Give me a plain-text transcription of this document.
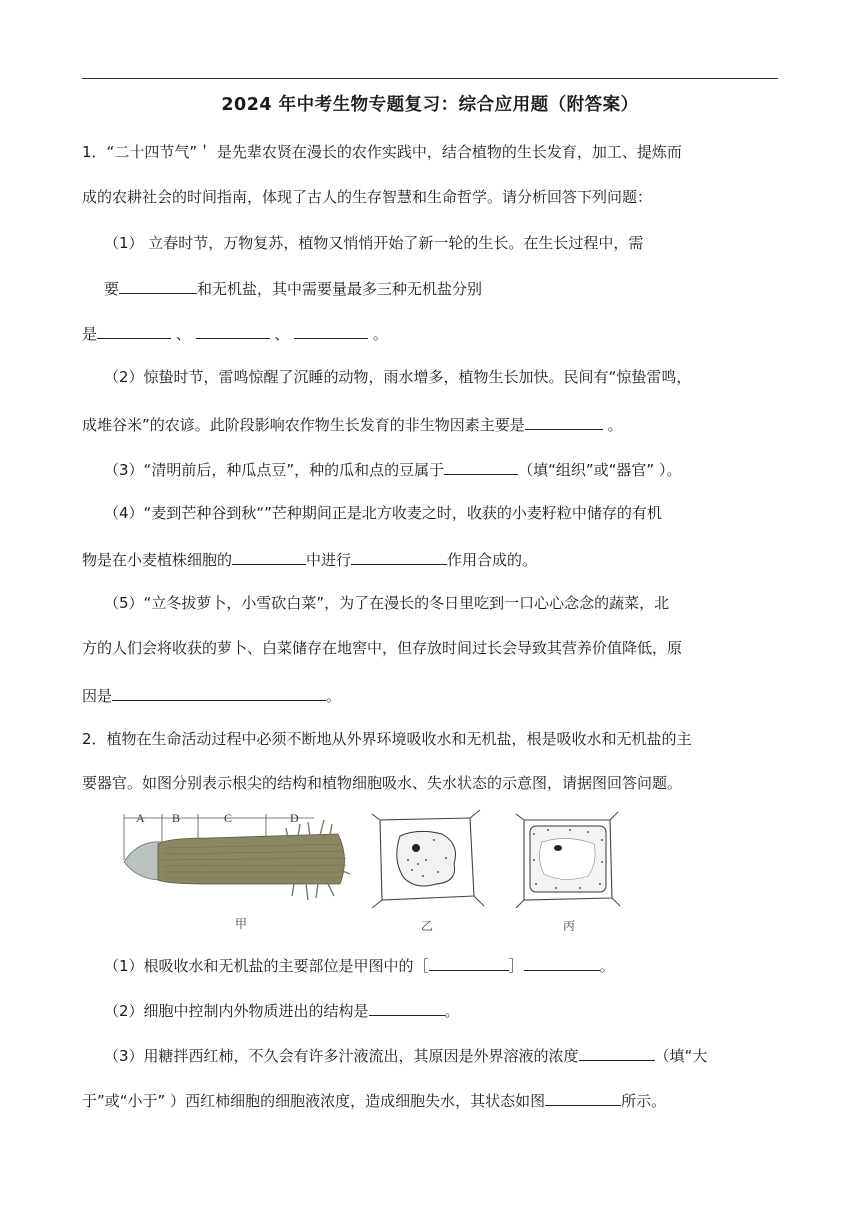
2024 年中考生物专题复习：综合应用题（附答案）
1．“二十四节气”＇ 是先辈农贤在漫长的农作实践中，结合植物的生长发育，加工、提炼而
成的农耕社会的时间指南，体现了古人的生存智慧和生命哲学。请分析回答下列问题：
（1） 立春时节，万物复苏，植物又悄悄开始了新一轮的生长。在生长过程中，需
要	和无机盐，其中需要量最多三种无机盐分别
是	、	、	。
（2）惊蛰时节，雷鸣惊醒了沉睡的动物，雨水增多，植物生长加快。民间有“惊蛰雷鸣，
成堆谷米”的农谚。此阶段影响农作物生长发育的非生物因素主要是	。
（3）“清明前后，种瓜点豆”，种的瓜和点的豆属于	（填“组织”或“器官” ）。
（4）“麦到芒种谷到秋“”芒种期间正是北方收麦之时，收获的小麦籽粒中储存的有机
物是在小麦植株细胞的	中进行	作用合成的。
（5）“立冬拔萝卜，小雪砍白菜”，为了在漫长的冬日里吃到一口心心念念的蔬菜，北
方的人们会将收获的萝卜、白菜储存在地窖中，但存放时间过长会导致其营养价值降低，原
因是	。
2．植物在生命活动过程中必须不断地从外界环境吸收水和无机盐，根是吸收水和无机盐的主
要器官。如图分别表示根尖的结构和植物细胞吸水、失水状态的示意图，请据图回答问题。
A B	C	D
甲	乙	丙
（1）根吸收水和无机盐的主要部位是甲图中的［	］	。
（2）细胞中控制内外物质进出的结构是	。
（3）用糖拌西红柿，不久会有许多汁液流出，其原因是外界溶液的浓度	（填“大
于”或“小于” ）西红柿细胞的细胞液浓度，造成细胞失水，其状态如图	所示。
